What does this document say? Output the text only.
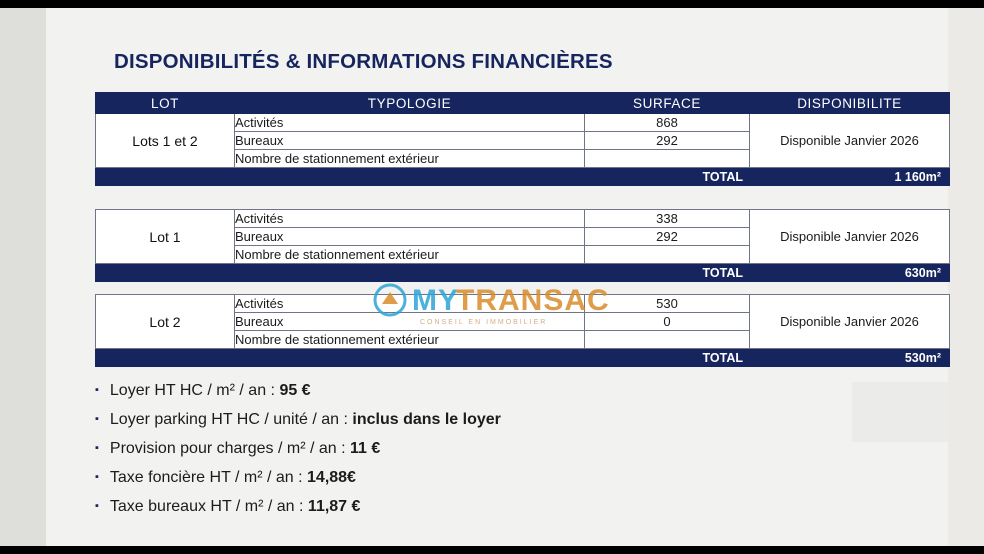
DISPONIBILITÉS & INFORMATIONS FINANCIÈRES
LOT	TYPOLOGIE	SURFACE	DISPONIBILITE
Lots 1 et 2	Activités	868	Disponible Janvier 2026
	Bureaux	292	
	Nombre de stationnement extérieur		
TOTAL			1 160m²
Lot 1	Activités	338	Disponible Janvier 2026
	Bureaux	292	
	Nombre de stationnement extérieur		
TOTAL			630m²
Lot 2	Activités	530	Disponible Janvier 2026
	Bureaux	0	
	Nombre de stationnement extérieur		
TOTAL			530m²
MY
TRANSAC
CONSEIL EN IMMOBILIER
▪ Loyer HT HC / m² / an : 95 €
▪ Loyer parking HT HC / unité / an : inclus dans le loyer
▪ Provision pour charges / m² / an : 11 €
▪ Taxe foncière HT / m² / an : 14,88€
▪ Taxe bureaux HT / m² / an : 11,87 €
